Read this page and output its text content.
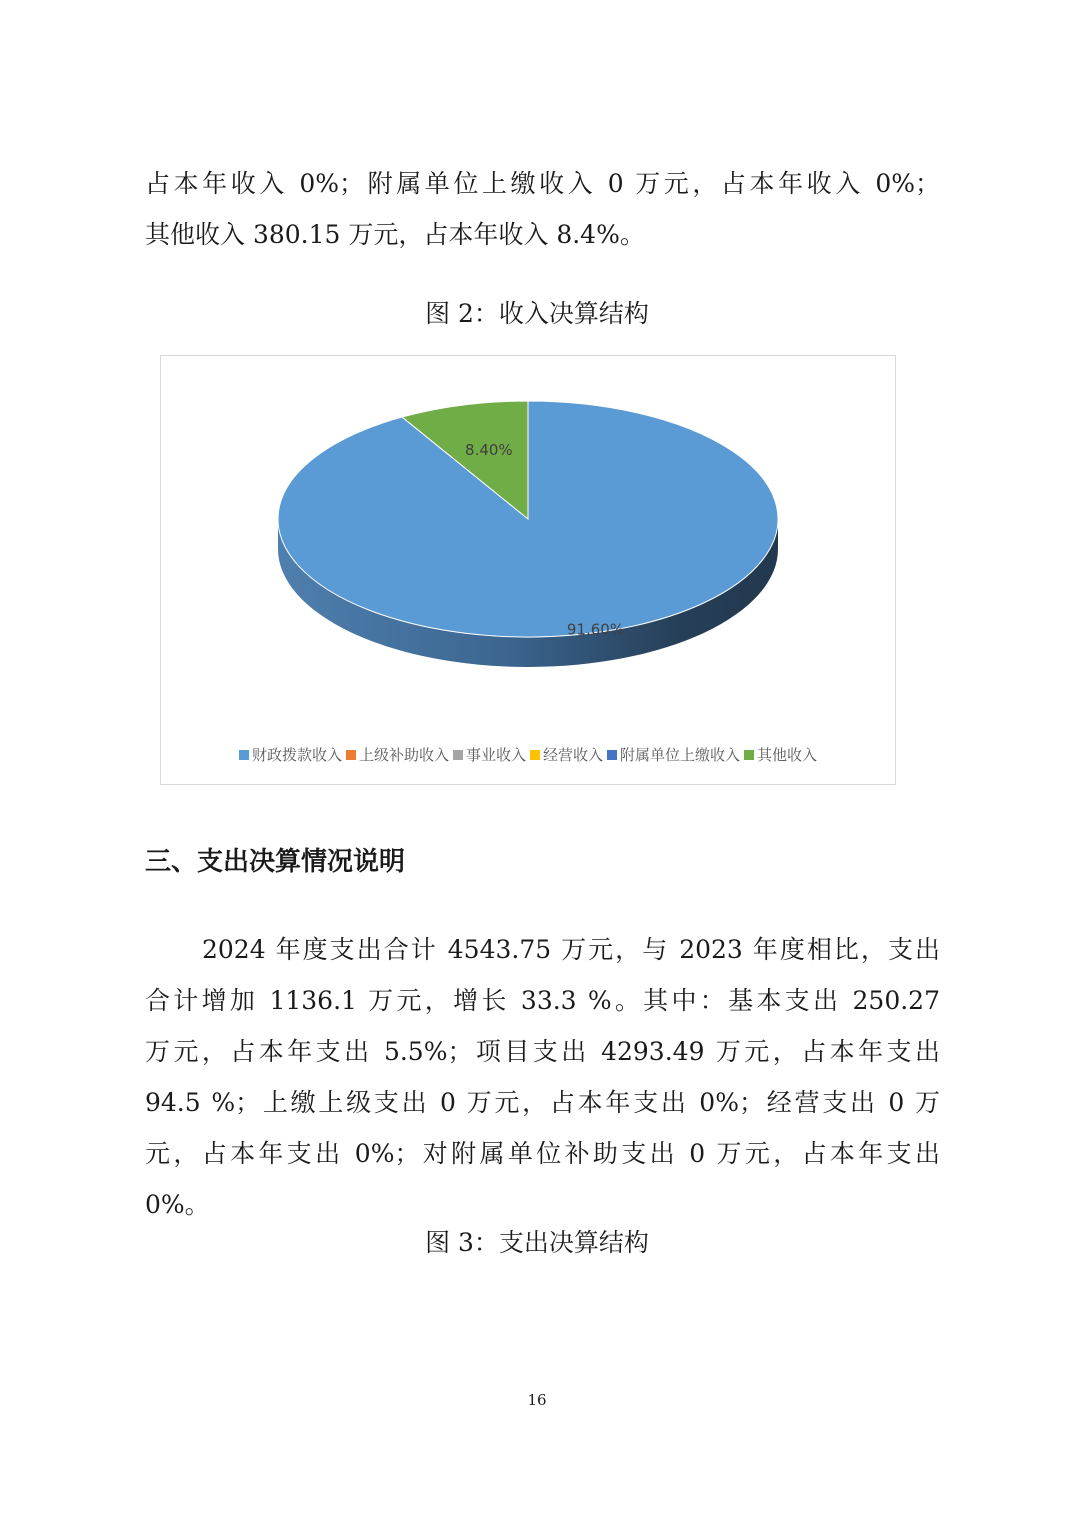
占本年收入 0%；附属单位上缴收入 0 万元，占本年收入 0%；
其他收入 380.15 万元，占本年收入 8.4%。

图 2：收入决算结构
91.60%
8.40%
财政拨款收入 上级补助收入 事业收入 经营收入 附属单位上缴收入 其他收入
三、支出决算情况说明

2024 年度支出合计 4543.75 万元，与 2023 年度相比，支出
合计增加 1136.1 万元，增长 33.3 %。其中：基本支出 250.27
万元，占本年支出 5.5%；项目支出 4293.49 万元，占本年支出
94.5 %；上缴上级支出 0 万元，占本年支出 0%；经营支出 0 万
元，占本年支出 0%；对附属单位补助支出 0 万元，占本年支出
0%。

图 3：支出决算结构
16
